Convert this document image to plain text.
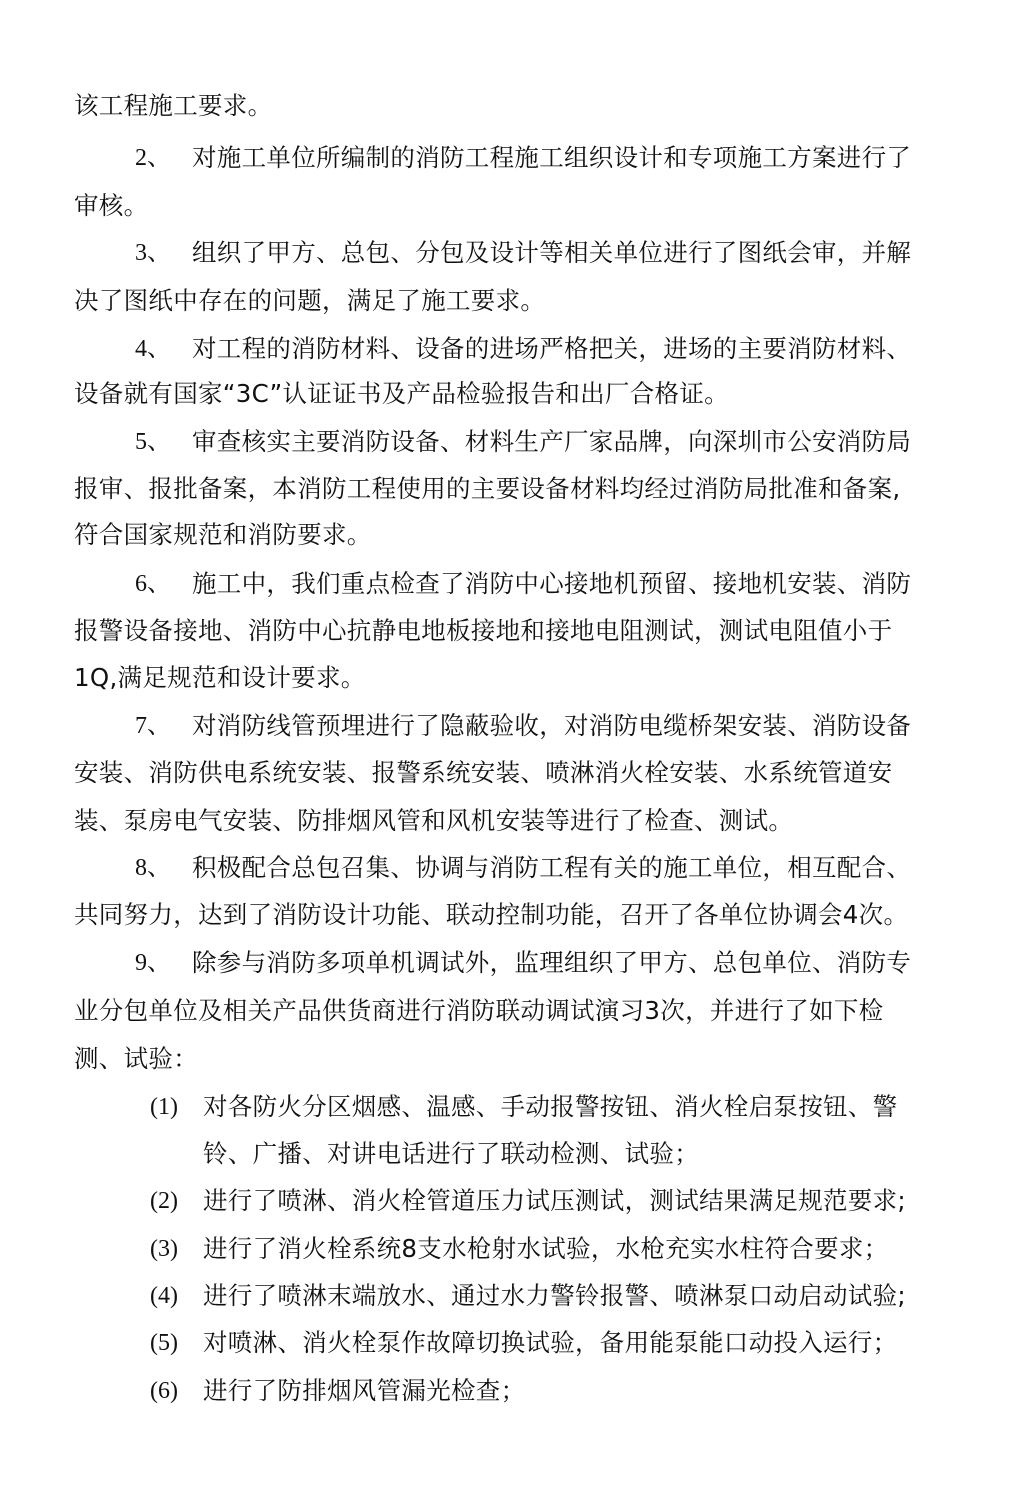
该工程施工要求。
2、 对施工单位所编制的消防工程施工组织设计和专项施工方案进行了
审核。
3、 组织了甲方、总包、分包及设计等相关单位进行了图纸会审，并解
决了图纸中存在的问题，满足了施工要求。
4、 对工程的消防材料、设备的进场严格把关，进场的主要消防材料、
设备就有国家“3C”认证证书及产品检验报告和出厂合格证。
5、 审查核实主要消防设备、材料生产厂家品牌，向深圳市公安消防局
报审、报批备案，本消防工程使用的主要设备材料均经过消防局批准和备案,
符合国家规范和消防要求。
6、 施工中，我们重点检查了消防中心接地机预留、接地机安装、消防
报警设备接地、消防中心抗静电地板接地和接地电阻测试，测试电阻值小于
1Q,满足规范和设计要求。
7、 对消防线管预埋进行了隐蔽验收，对消防电缆桥架安装、消防设备
安装、消防供电系统安装、报警系统安装、喷淋消火栓安装、水系统管道安
装、泵房电气安装、防排烟风管和风机安装等进行了检查、测试。
8、 积极配合总包召集、协调与消防工程有关的施工单位，相互配合、
共同努力，达到了消防设计功能、联动控制功能，召开了各单位协调会4次。
9、 除参与消防多项单机调试外，监理组织了甲方、总包单位、消防专
业分包单位及相关产品供货商进行消防联动调试演习3次，并进行了如下检
测、试验：
(1) 对各防火分区烟感、温感、手动报警按钮、消火栓启泵按钮、警
铃、广播、对讲电话进行了联动检测、试验；
(2) 进行了喷淋、消火栓管道压力试压测试，测试结果满足规范要求;
(3) 进行了消火栓系统8支水枪射水试验，水枪充实水柱符合要求；
(4) 进行了喷淋末端放水、通过水力警铃报警、喷淋泵口动启动试验;
(5) 对喷淋、消火栓泵作故障切换试验，备用能泵能口动投入运行；
(6) 进行了防排烟风管漏光检查；
